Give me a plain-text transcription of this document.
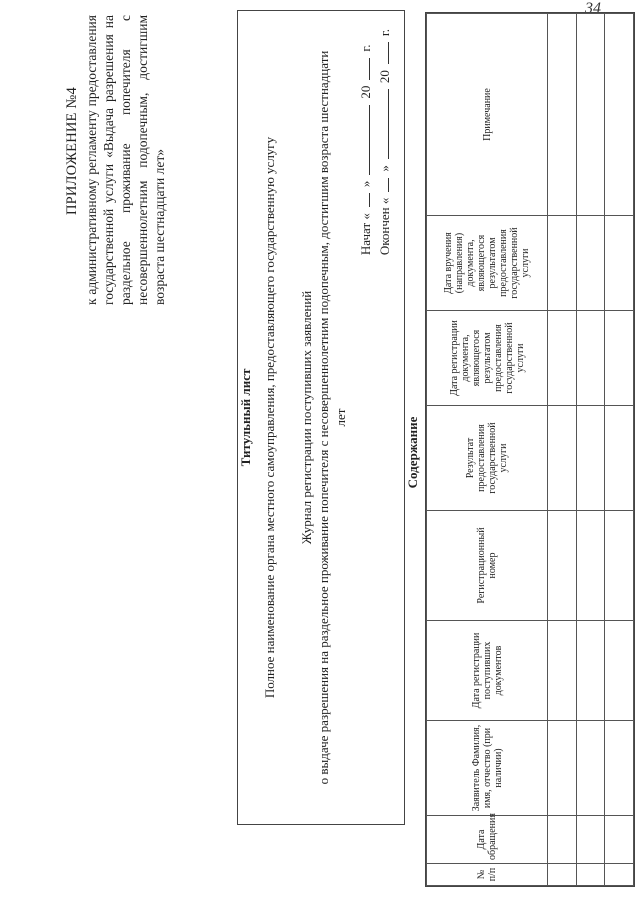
34
ПРИЛОЖЕНИЕ №4 к административному регламенту предоставления государственной услуги «Выдача разрешения на раздельное проживание попечителя с несовершеннолетним подопечным, достигшим возраста шестнадцати лет»
Титульный лист Полное наименование органа местного самоуправления, предоставляющего государственную услугу Журнал регистрации поступивших заявлений о выдаче разрешения на раздельное проживание попечителя с несовершеннолетним подопечным, достигшим возраста шестнадцати лет
Начат «
»
20
г.
Окончен «
»
20
г.
Содержание
№ п/п	Дата обращения	Заявитель Фамилия, имя, отчество (при наличии)	Дата регистрации поступивших документов	Регистрационный номер	Результат предоставления государственной услуги	Дата регистрации документа, являющегося результатом предоставления государственной услуги	Дата вручения (направления) документа, являющегося результатом предоставления государственной услуги	Примечание
